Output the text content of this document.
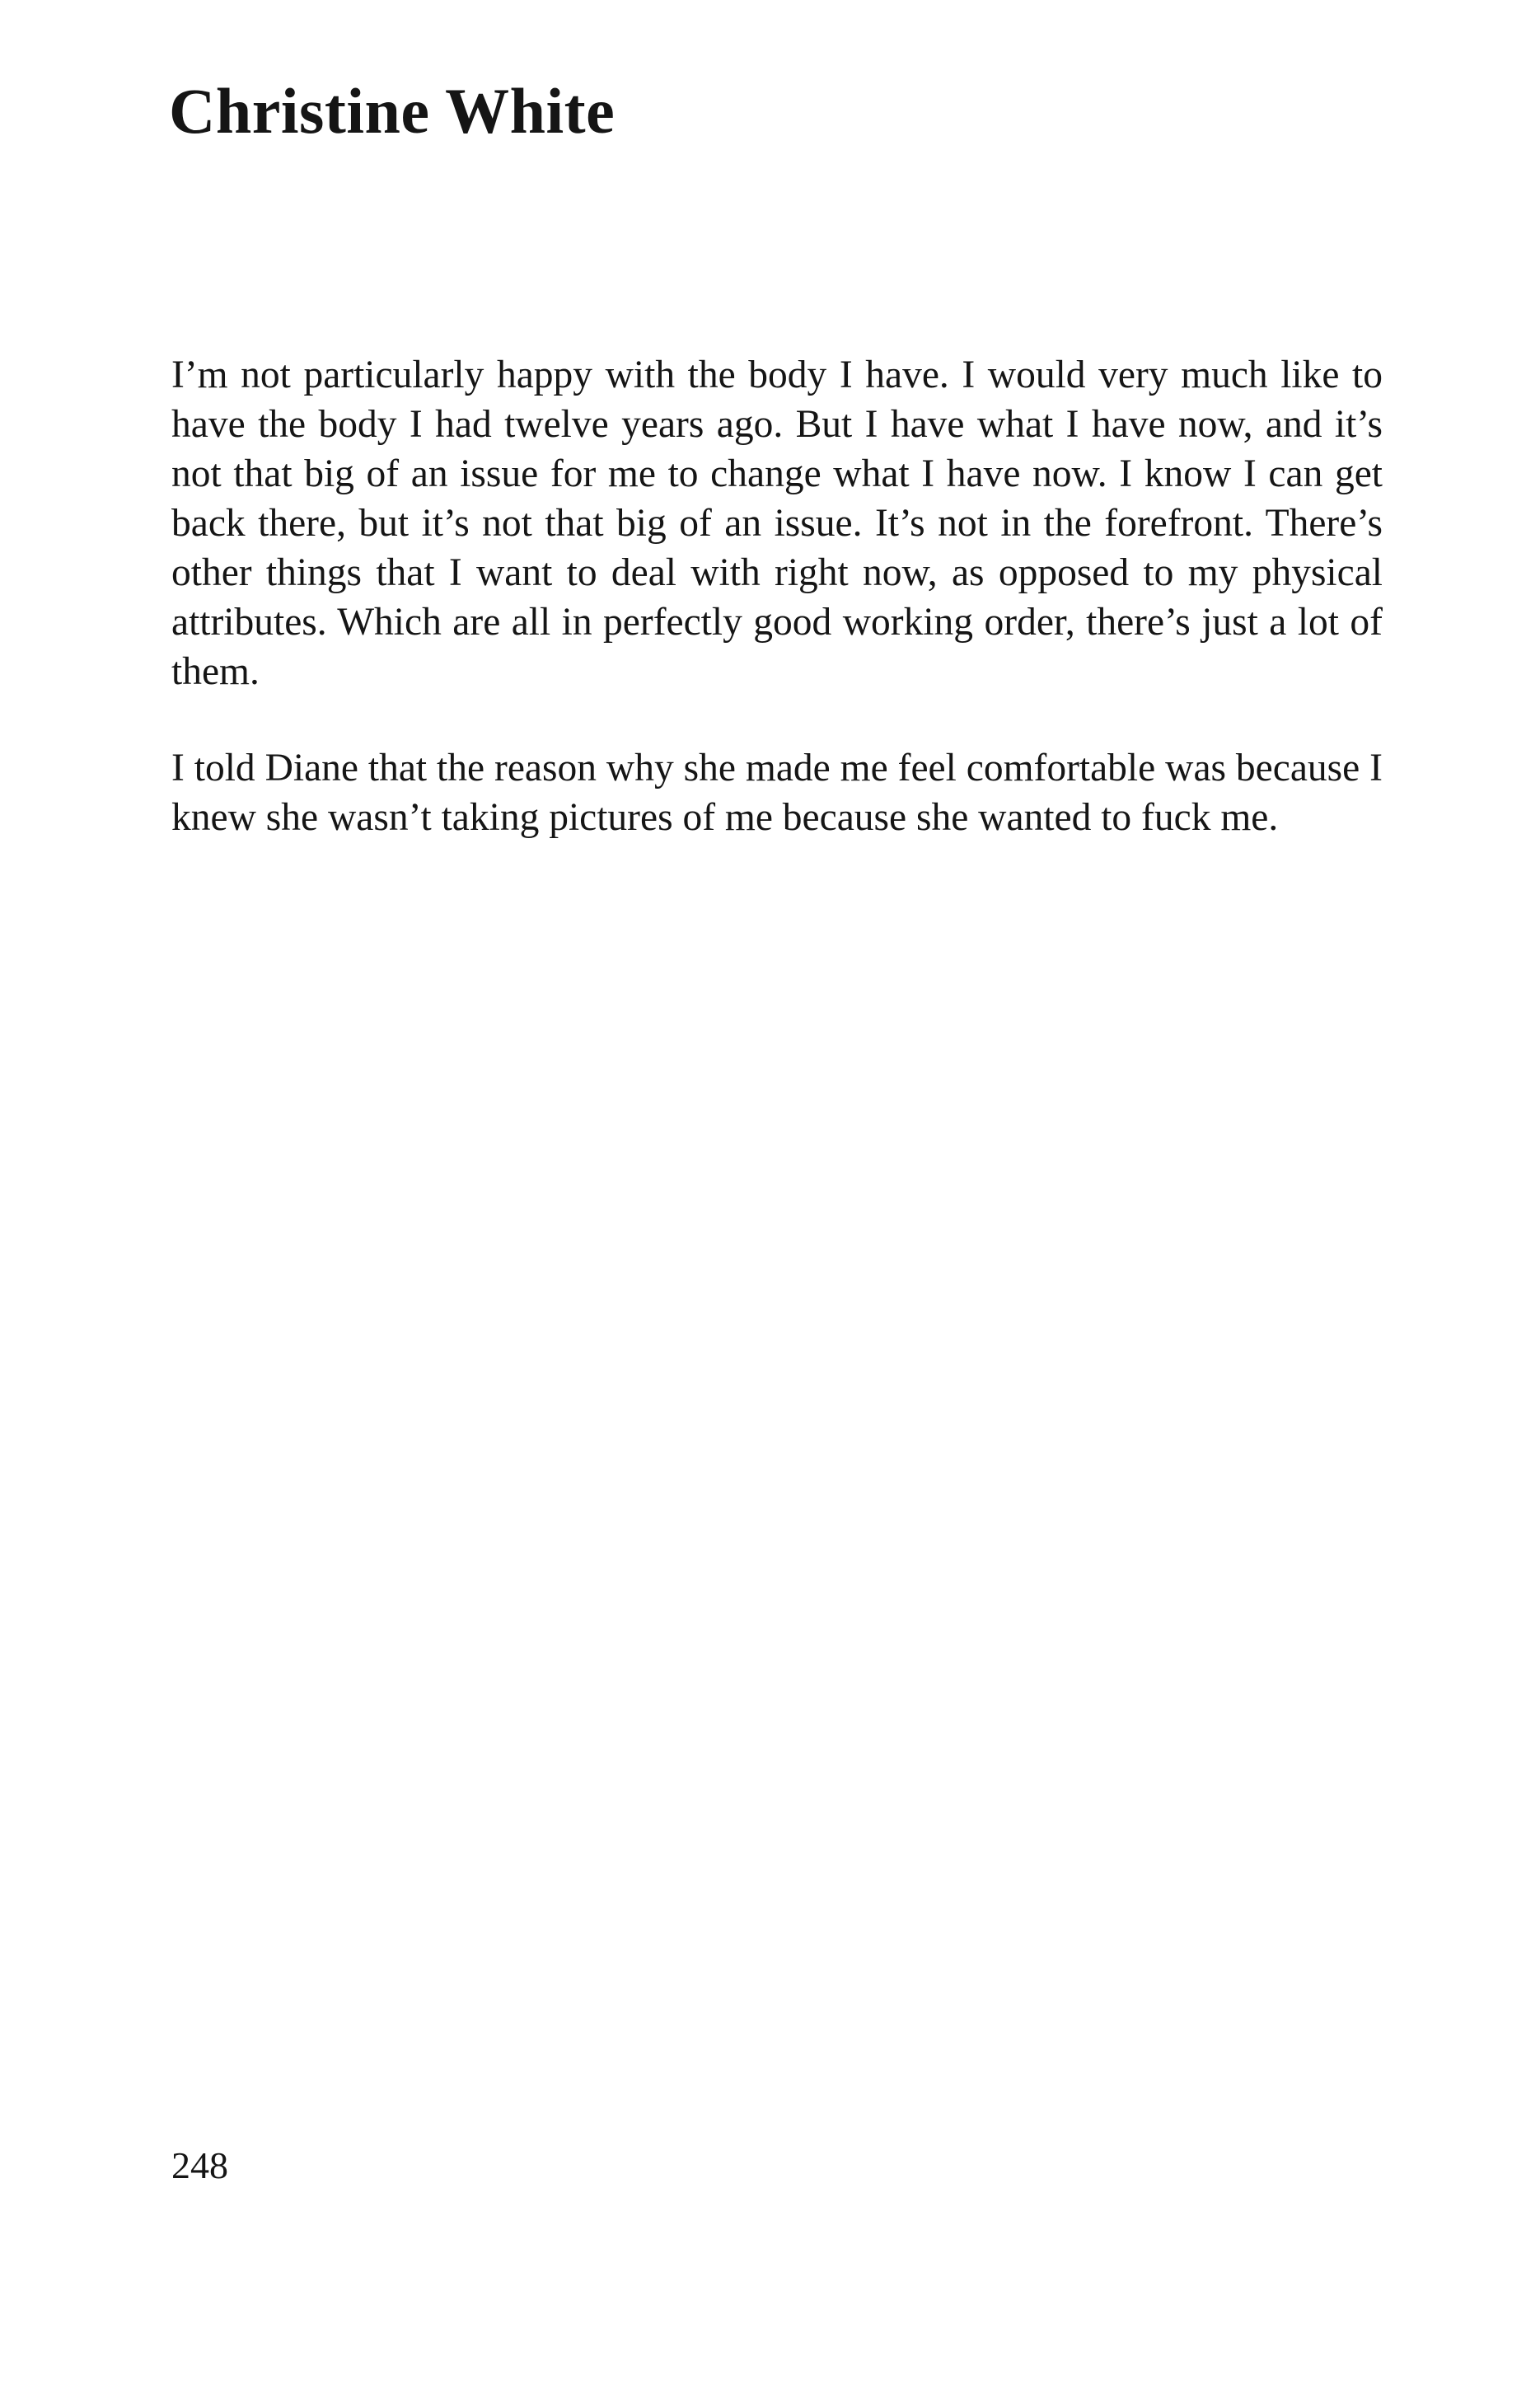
Christine White

I’m not particularly happy with the body I have. I would very much like to have the body I had twelve years ago. But I have what I have now, and it’s not that big of an issue for me to change what I have now. I know I can get back there, but it’s not that big of an issue. It’s not in the forefront. There’s other things that I want to deal with right now, as opposed to my physical attributes. Which are all in perfectly good working order, there’s just a lot of them.

I told Diane that the reason why she made me feel comfortable was because I knew she wasn’t taking pictures of me because she wanted to fuck me.

248
